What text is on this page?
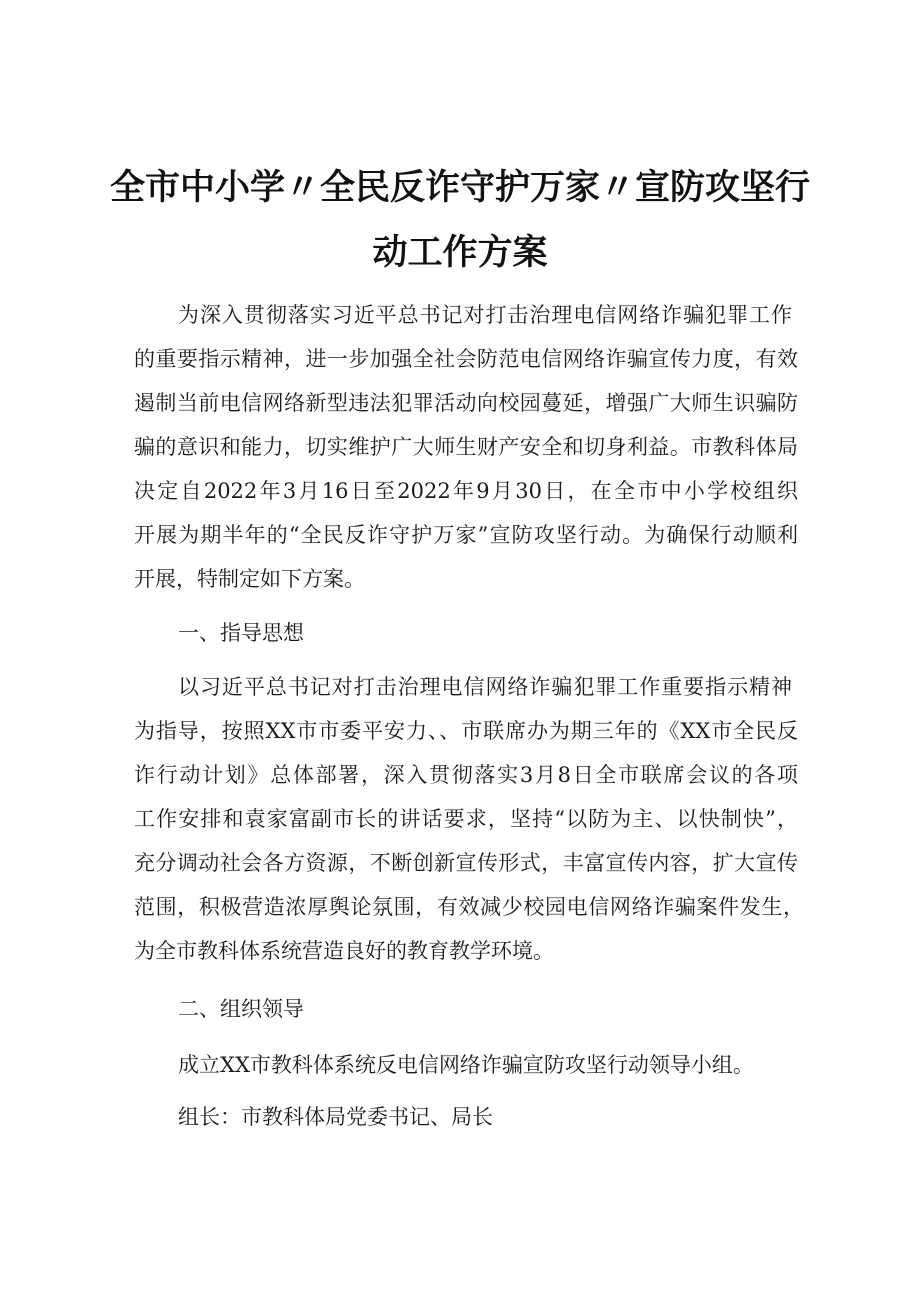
全市中小学〃全民反诈守护万家〃宣防攻坚行
动工作方案
为深入贯彻落实习近平总书记对打击治理电信网络诈骗犯罪工作
的重要指示精神，进一步加强全社会防范电信网络诈骗宣传力度，有效
遏制当前电信网络新型违法犯罪活动向校园蔓延，增强广大师生识骗防
骗的意识和能力，切实维护广大师生财产安全和切身利益。市教科体局
决定自2022年3月16日至2022年9月30日，在全市中小学校组织
开展为期半年的“全民反诈守护万家”宣防攻坚行动。为确保行动顺利
开展，特制定如下方案。
一、指导思想
以习近平总书记对打击治理电信网络诈骗犯罪工作重要指示精神
为指导，按照XX市市委平安力、、市联席办为期三年的《XX市全民反
诈行动计划》总体部署，深入贯彻落实3月8日全市联席会议的各项
工作安排和袁家富副市长的讲话要求，坚持“以防为主、以快制快”，
充分调动社会各方资源，不断创新宣传形式，丰富宣传内容，扩大宣传
范围，积极营造浓厚舆论氛围，有效减少校园电信网络诈骗案件发生，
为全市教科体系统营造良好的教育教学环境。
二、组织领导
成立XX市教科体系统反电信网络诈骗宣防攻坚行动领导小组。
组长：市教科体局党委书记、局长
